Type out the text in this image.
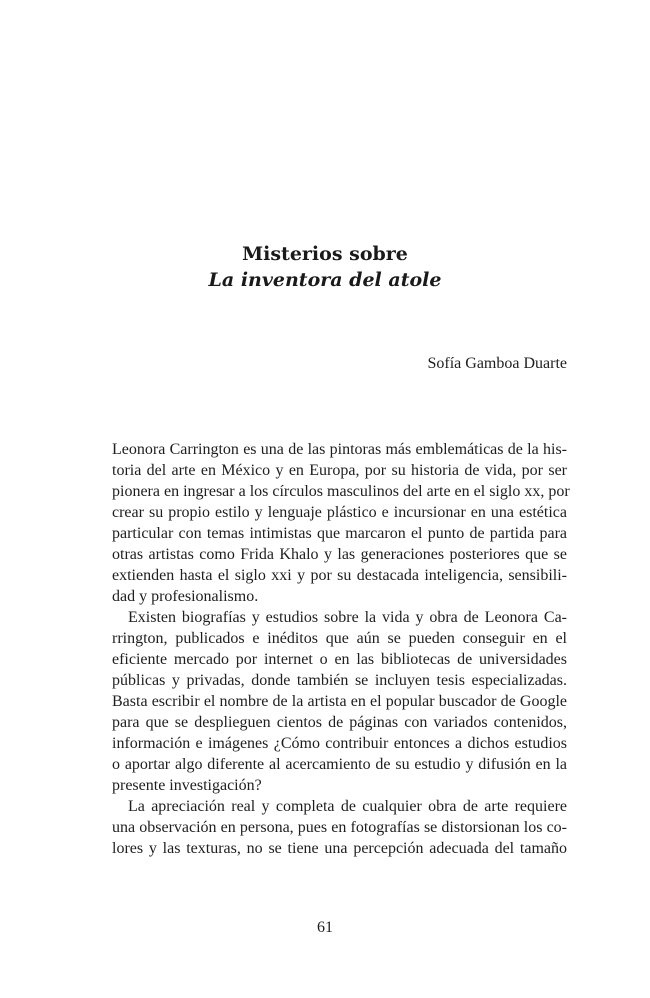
Misterios sobre
La inventora del atole

Sofía Gamboa Duarte

Leonora Carrington es una de las pintoras más emblemáticas de la his-
toria del arte en México y en Europa, por su historia de vida, por ser
pionera en ingresar a los círculos masculinos del arte en el siglo xx, por
crear su propio estilo y lenguaje plástico e incursionar en una estética
particular con temas intimistas que marcaron el punto de partida para
otras artistas como Frida Khalo y las generaciones posteriores que se
extienden hasta el siglo xxi y por su destacada inteligencia, sensibili-
dad y profesionalismo.
Existen biografías y estudios sobre la vida y obra de Leonora Ca-
rrington, publicados e inéditos que aún se pueden conseguir en el
eficiente mercado por internet o en las bibliotecas de universidades
públicas y privadas, donde también se incluyen tesis especializadas.
Basta escribir el nombre de la artista en el popular buscador de Google
para que se desplieguen cientos de páginas con variados contenidos,
información e imágenes ¿Cómo contribuir entonces a dichos estudios
o aportar algo diferente al acercamiento de su estudio y difusión en la
presente investigación?
La apreciación real y completa de cualquier obra de arte requiere
una observación en persona, pues en fotografías se distorsionan los co-
lores y las texturas, no se tiene una percepción adecuada del tamaño

61
